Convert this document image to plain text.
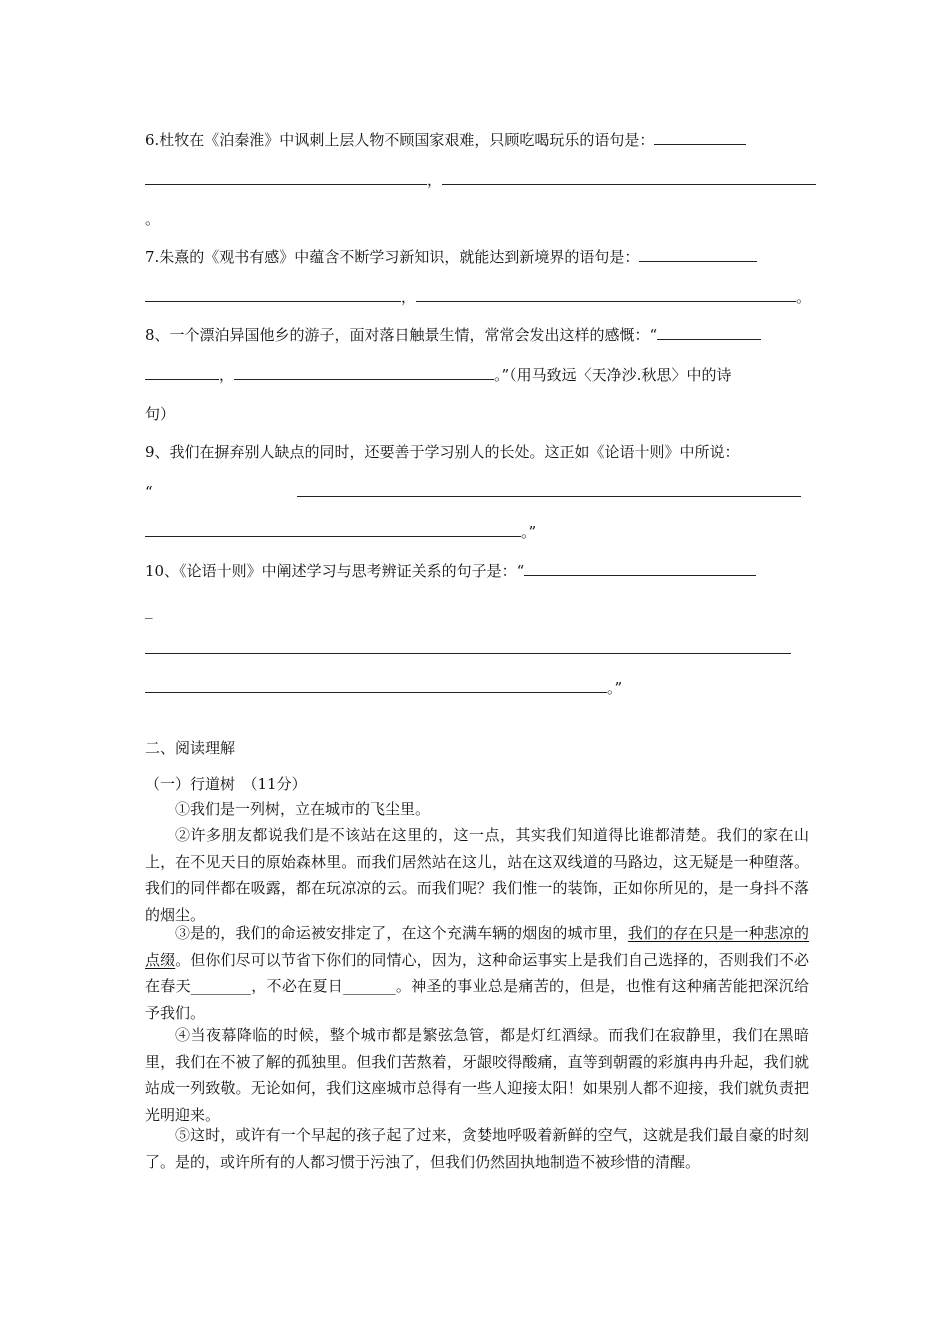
6.杜牧在《泊秦淮》中讽刺上层人物不顾国家艰难，只顾吃喝玩乐的语句是：
，
。
7.朱熹的《观书有感》中蕴含不断学习新知识，就能达到新境界的语句是：
，	。
8、一个漂泊异国他乡的游子，面对落日触景生情，常常会发出这样的感慨：“
，	。”（用马致远〈天净沙.秋思〉中的诗
句）
9、我们在摒弃别人缺点的同时，还要善于学习别人的长处。这正如《论语十则》中所说：
“
。”
10、《论语十则》中阐述学习与思考辨证关系的句子是：“
_
。”
二、阅读理解
（一）行道树　（11分）
①我们是一列树，立在城市的飞尘里。
②许多朋友都说我们是不该站在这里的，这一点，其实我们知道得比谁都清楚。我们的家在山上，在不见天日的原始森林里。而我们居然站在这儿，站在这双线道的马路边，这无疑是一种堕落。我们的同伴都在吸露，都在玩凉凉的云。而我们呢？我们惟一的装饰，正如你所见的，是一身抖不落的烟尘。
③是的，我们的命运被安排定了，在这个充满车辆的烟囱的城市里，我们的存在只是一种悲凉的点缀。但你们尽可以节省下你们的同情心，因为，这种命运事实上是我们自己选择的，否则我们不必在春天________，不必在夏日_______。神圣的事业总是痛苦的，但是，也惟有这种痛苦能把深沉给予我们。
④当夜幕降临的时候，整个城市都是繁弦急管，都是灯红酒绿。而我们在寂静里，我们在黑暗里，我们在不被了解的孤独里。但我们苦熬着，牙龈咬得酸痛，直等到朝霞的彩旗冉冉升起，我们就站成一列致敬。无论如何，我们这座城市总得有一些人迎接太阳！如果别人都不迎接，我们就负责把光明迎来。
⑤这时，或许有一个早起的孩子起了过来，贪婪地呼吸着新鲜的空气，这就是我们最自豪的时刻了。是的，或许所有的人都习惯于污浊了，但我们仍然固执地制造不被珍惜的清醒。
